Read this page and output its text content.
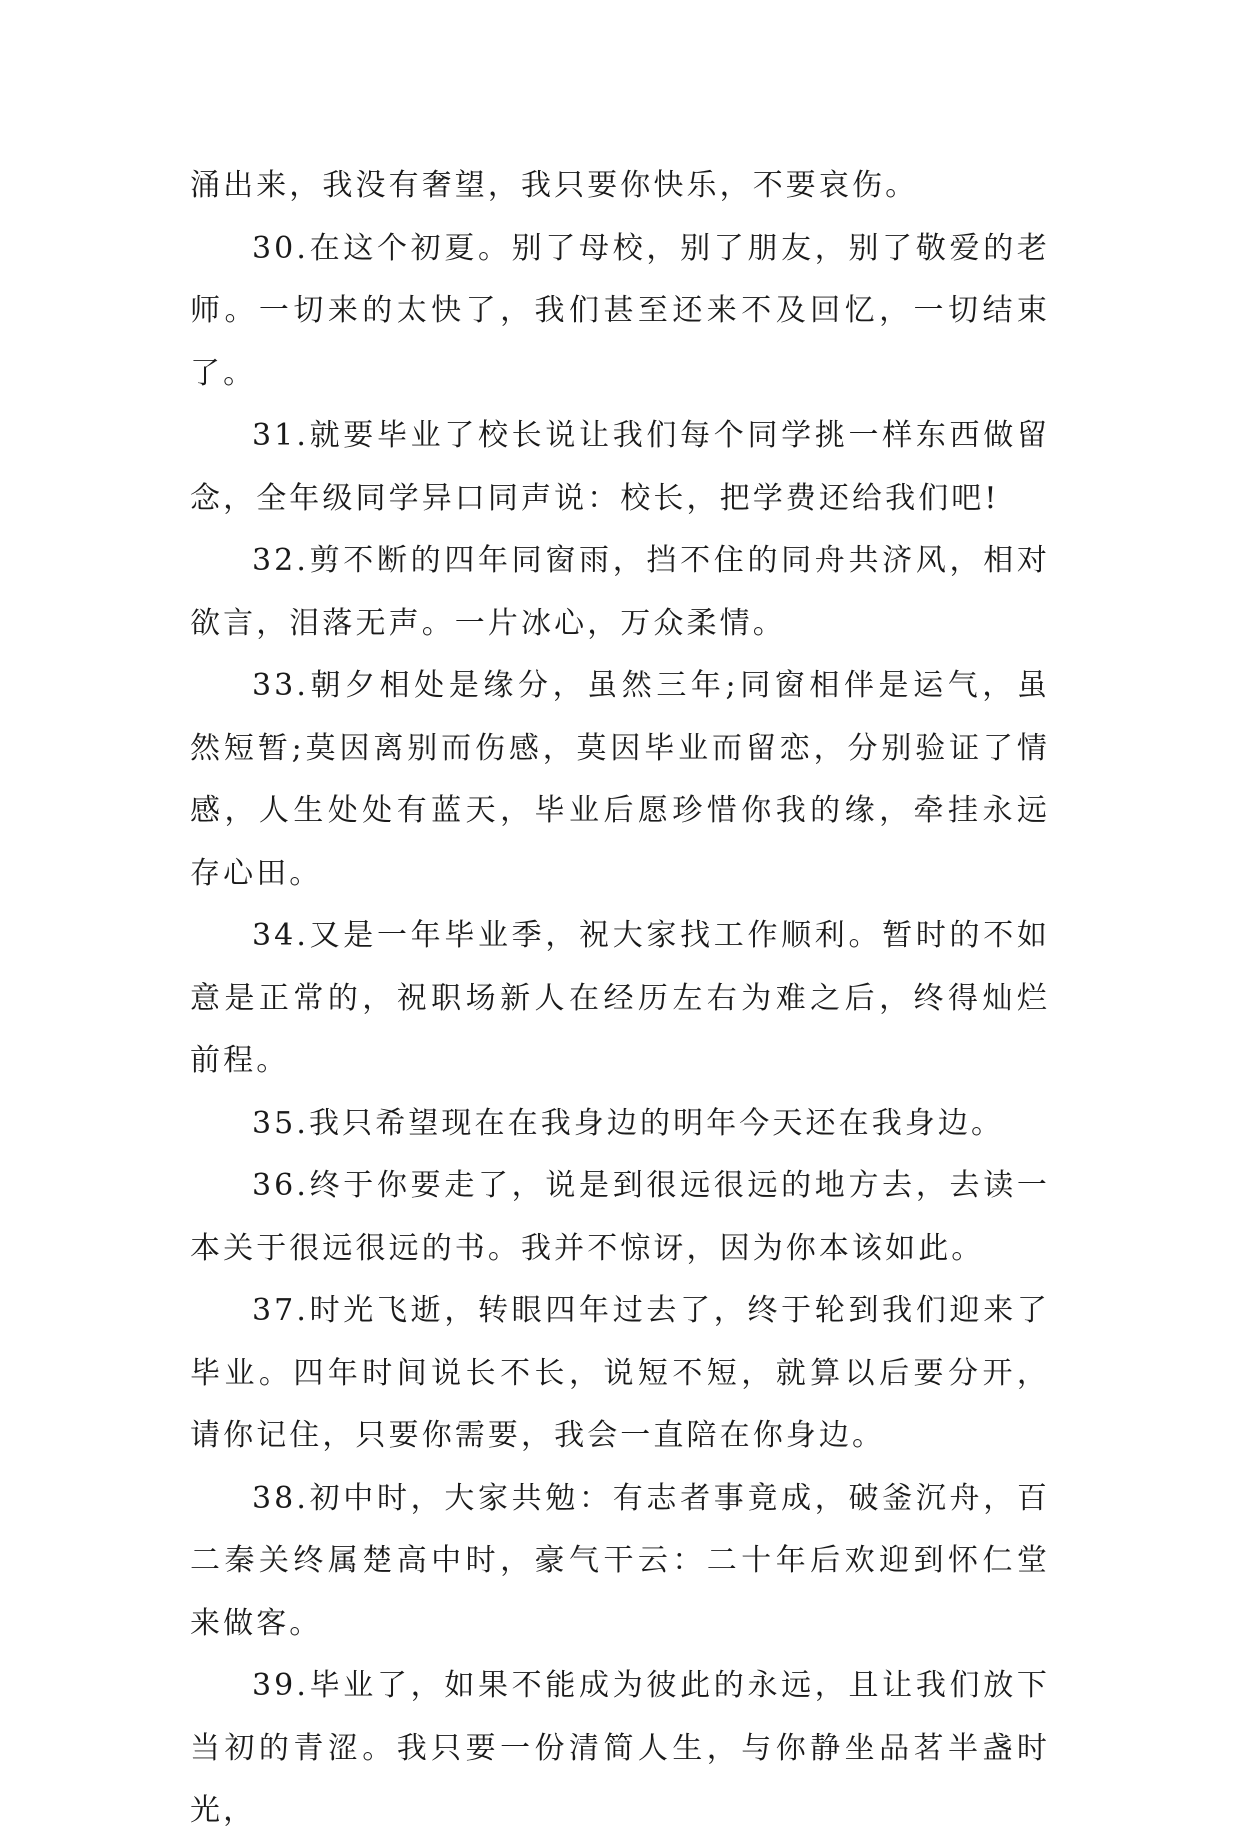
涌出来，我没有奢望，我只要你快乐，不要哀伤。

30.在这个初夏。别了母校，别了朋友，别了敬爱的老师。一切来的太快了，我们甚至还来不及回忆，一切结束了。

31.就要毕业了校长说让我们每个同学挑一样东西做留念，全年级同学异口同声说：校长，把学费还给我们吧!

32.剪不断的四年同窗雨，挡不住的同舟共济风，相对欲言，泪落无声。一片冰心，万众柔情。

33.朝夕相处是缘分，虽然三年;同窗相伴是运气，虽然短暂;莫因离别而伤感，莫因毕业而留恋，分别验证了情感，人生处处有蓝天，毕业后愿珍惜你我的缘，牵挂永远存心田。

34.又是一年毕业季，祝大家找工作顺利。暂时的不如意是正常的，祝职场新人在经历左右为难之后，终得灿烂前程。

35.我只希望现在在我身边的明年今天还在我身边。

36.终于你要走了，说是到很远很远的地方去，去读一本关于很远很远的书。我并不惊讶，因为你本该如此。

37.时光飞逝，转眼四年过去了，终于轮到我们迎来了毕业。四年时间说长不长，说短不短，就算以后要分开，请你记住，只要你需要，我会一直陪在你身边。

38.初中时，大家共勉：有志者事竟成，破釜沉舟，百二秦关终属楚高中时，豪气干云：二十年后欢迎到怀仁堂来做客。

39.毕业了，如果不能成为彼此的永远，且让我们放下当初的青涩。我只要一份清简人生，与你静坐品茗半盏时光，
